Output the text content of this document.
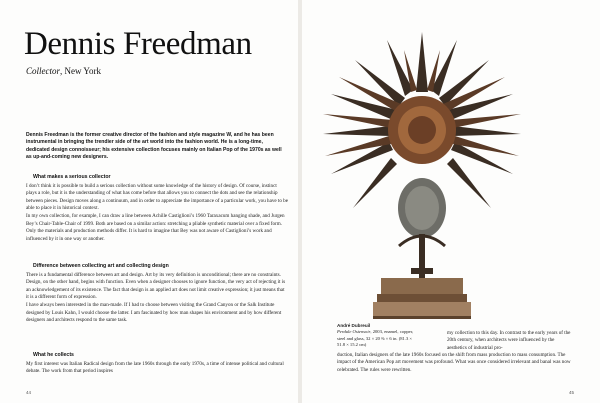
Dennis Freedman
Collector, New York
Dennis Freedman is the former creative director of the fashion and style magazine W, and he has been instrumental in bringing the trendier side of the art world into the fashion world. He is a long-time, dedicated design connoisseur; his extensive collection focuses mainly on Italian Pop of the 1970s as well as up-and-coming new designers.
What makes a serious collector

I don’t think it is possible to build a serious collection without some knowledge of the history of design. Of course, instinct plays a role, but it is the understanding of what has come before that allows you to connect the dots and see the relationship between pieces. Design moves along a continuum, and in order to appreciate the importance of a particular work, you have to be able to place it in historical context.

In my own collection, for example, I can draw a line between Achille Castiglioni’s 1960 Taraxacum hanging shade, and Jurgen Bey’s Chair-Table-Chair of 1999. Both are based on a similar action: stretching a pliable synthetic material over a fixed form. Only the materials and production methods differ. It is hard to imagine that Bey was not aware of Castiglioni’s work and influenced by it in one way or another.

Difference between collecting art and collecting design

There is a fundamental difference between art and design. Art by its very definition is unconditional; there are no constraints. Design, on the other hand, begins with function. Even when a designer chooses to ignore function, the very act of rejecting it is an acknowledgement of its existence. The fact that design is an applied art does not limit creative expression; it just means that it is a different form of expression.

I have always been interested in the man-made. If I had to choose between visiting the Grand Canyon or the Salk Institute designed by Louis Kahn, I would choose the latter. I am fascinated by how man shapes his environment and by how different designers and architects respond to the same task.

What he collects

My first interest was Italian Radical design from the late 1960s through the early 1970s, a time of intense political and cultural debate. The work from that period inspires

44
André Dubreuil
Perdule Ostensoir, 2003, enamel, copper, steel and glass, 32 × 20 ⅜ × 6 in. (81.3 × 51.8 × 15.2 cm)
my collection to this day. In contrast to the early years of the 20th century, when architects were influenced by the aesthetics of industrial pro-
duction, Italian designers of the late 1960s focused on the shift from mass production to mass consumption. The impact of the American Pop art movement was profound. What was once considered irrelevant and banal was now celebrated. The rules were rewritten.
45
